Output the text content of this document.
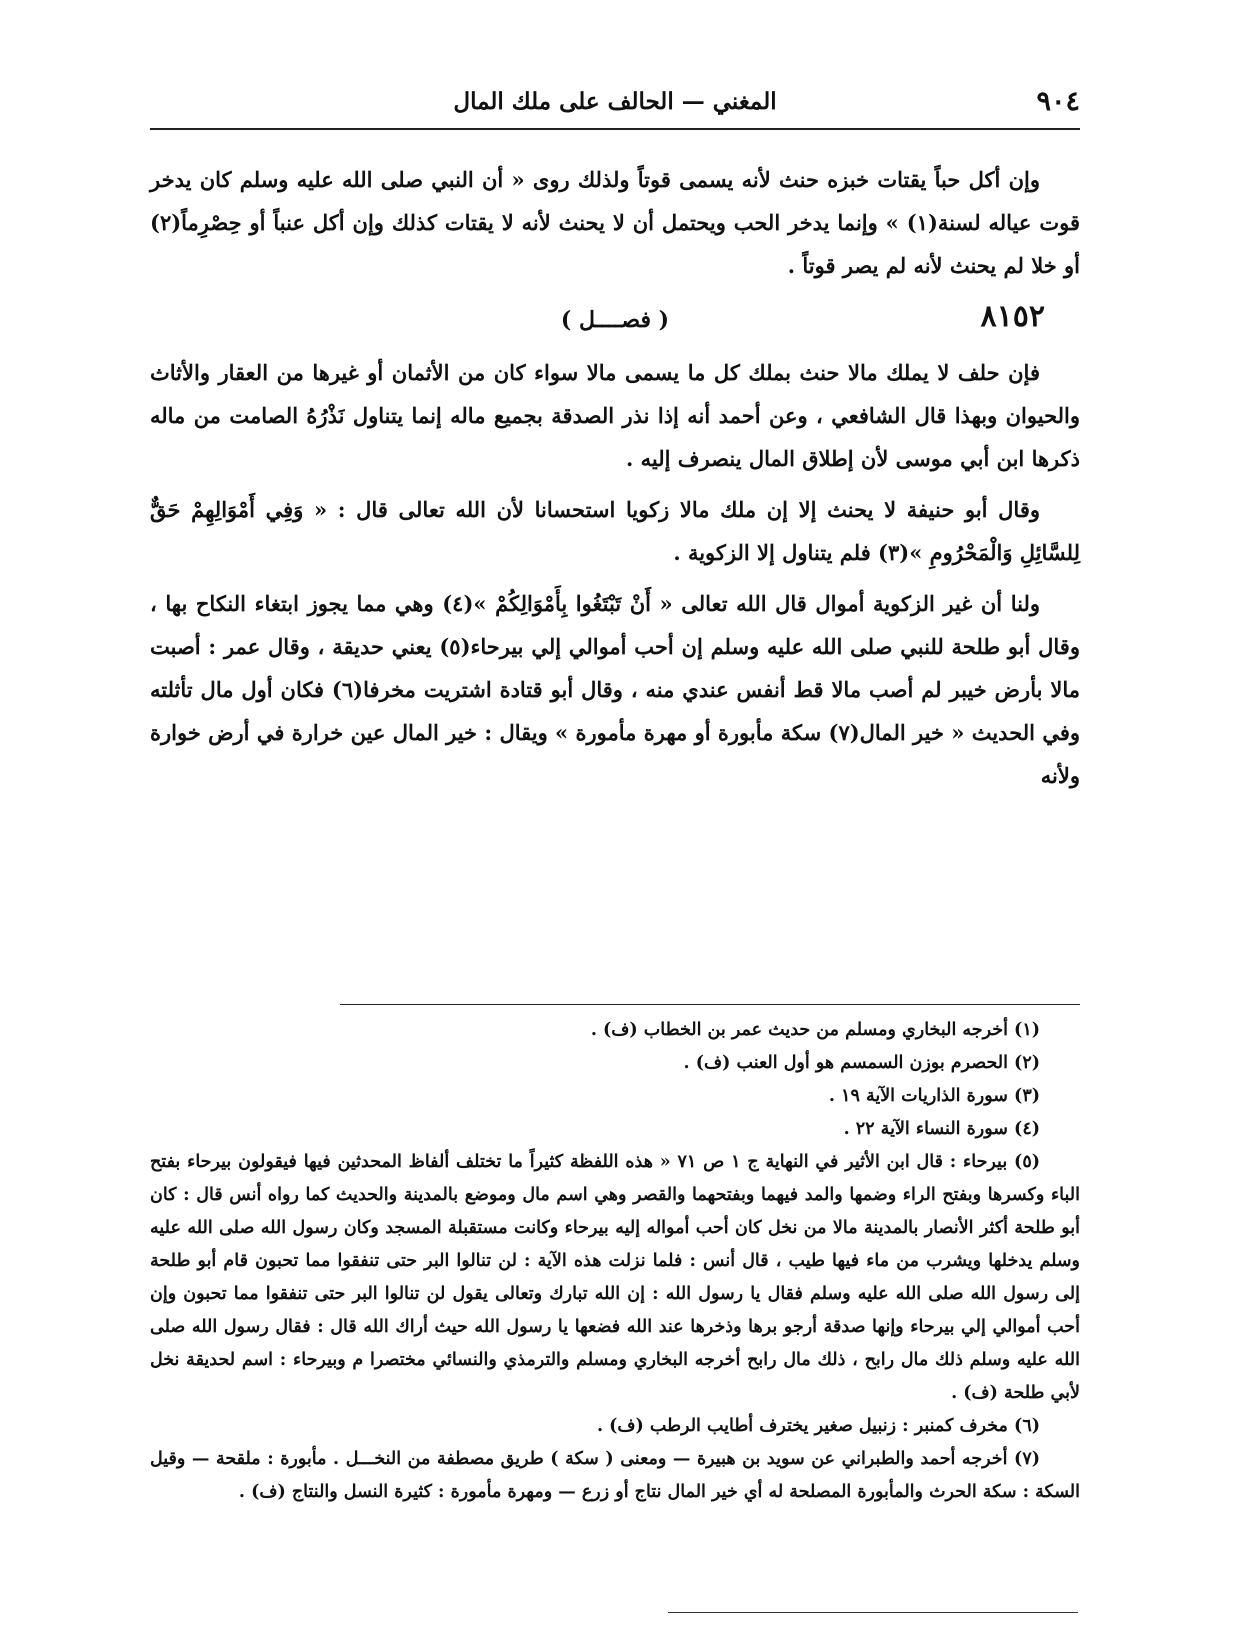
٩٠٤
المغني — الحالف على ملك المال

وإن أكل حباً يقتات خبزه حنث لأنه يسمى قوتاً ولذلك روى « أن النبي صلى الله عليه وسلم كان يدخر قوت عياله لسنة(١) » وإنما يدخر الحب ويحتمل أن لا يحنث لأنه لا يقتات كذلك وإن أكل عنباً أو حِصْرِماً(٢) أو خلا لم يحنث لأنه لم يصر قوتاً .

٨١٥٢
( فصــــل )

فإن حلف لا يملك مالا حنث بملك كل ما يسمى مالا سواء كان من الأثمان أو غيرها من العقار والأثاث والحيوان وبهذا قال الشافعي ، وعن أحمد أنه إذا نذر الصدقة بجميع ماله إنما يتناول نَذْرُهُ الصامت من ماله ذكرها ابن أبي موسى لأن إطلاق المال ينصرف إليه .

وقال أبو حنيفة لا يحنث إلا إن ملك مالا زكويا استحسانا لأن الله تعالى قال : « وَفِي أَمْوَالِهِمْ حَقٌّ لِلسَّائِلِ وَالْمَحْرُومِ »(٣) فلم يتناول إلا الزكوية .

ولنا أن غير الزكوية أموال قال الله تعالى « أَنْ تَبْتَغُوا بِأَمْوَالِكُمْ »(٤) وهي مما يجوز ابتغاء النكاح بها ، وقال أبو طلحة للنبي صلى الله عليه وسلم إن أحب أموالي إلي بيرحاء(٥) يعني حديقة ، وقال عمر : أصبت مالا بأرض خيبر لم أصب مالا قط أنفس عندي منه ، وقال أبو قتادة اشتريت مخرفا(٦) فكان أول مال تأثلته وفي الحديث « خير المال(٧) سكة مأبورة أو مهرة مأمورة » ويقال : خير المال عين خرارة في أرض خوارة ولأنه

(١) أخرجه البخاري ومسلم من حديث عمر بن الخطاب (ف) .

(٢) الحصرم بوزن السمسم هو أول العنب (ف) .

(٣) سورة الذاريات الآية ١٩ .

(٤) سورة النساء الآية ٢٢ .

(٥) بيرحاء : قال ابن الأثير في النهاية ج ١ ص ٧١ « هذه اللفظة كثيراً ما تختلف ألفاظ المحدثين فيها فيقولون بيرحاء بفتح الباء وكسرها وبفتح الراء وضمها والمد فيهما وبفتحهما والقصر وهي اسم مال وموضع بالمدينة والحديث كما رواه أنس قال : كان أبو طلحة أكثر الأنصار بالمدينة مالا من نخل كان أحب أمواله إليه بيرحاء وكانت مستقبلة المسجد وكان رسول الله صلى الله عليه وسلم يدخلها ويشرب من ماء فيها طيب ، قال أنس : فلما نزلت هذه الآية : لن تنالوا البر حتى تنفقوا مما تحبون قام أبو طلحة إلى رسول الله صلى الله عليه وسلم فقال يا رسول الله : إن الله تبارك وتعالى يقول لن تنالوا البر حتى تنفقوا مما تحبون وإن أحب أموالي إلي بيرحاء وإنها صدقة أرجو برها وذخرها عند الله فضعها يا رسول الله حيث أراك الله قال : فقال رسول الله صلى الله عليه وسلم ذلك مال رابح ، ذلك مال رابح أخرجه البخاري ومسلم والترمذي والنسائي مختصرا م وبيرحاء : اسم لحديقة نخل لأبي طلحة (ف) .

(٦) مخرف كمنبر : زنبيل صغير يخترف أطايب الرطب (ف) .

(٧) أخرجه أحمد والطبراني عن سويد بن هبيرة — ومعنى ( سكة ) طريق مصطفة من النخـــل . مأبورة : ملقحة — وقيل السكة : سكة الحرث والمأبورة المصلحة له أي خير المال نتاج أو زرع — ومهرة مأمورة : كثيرة النسل والنتاج (ف) .
